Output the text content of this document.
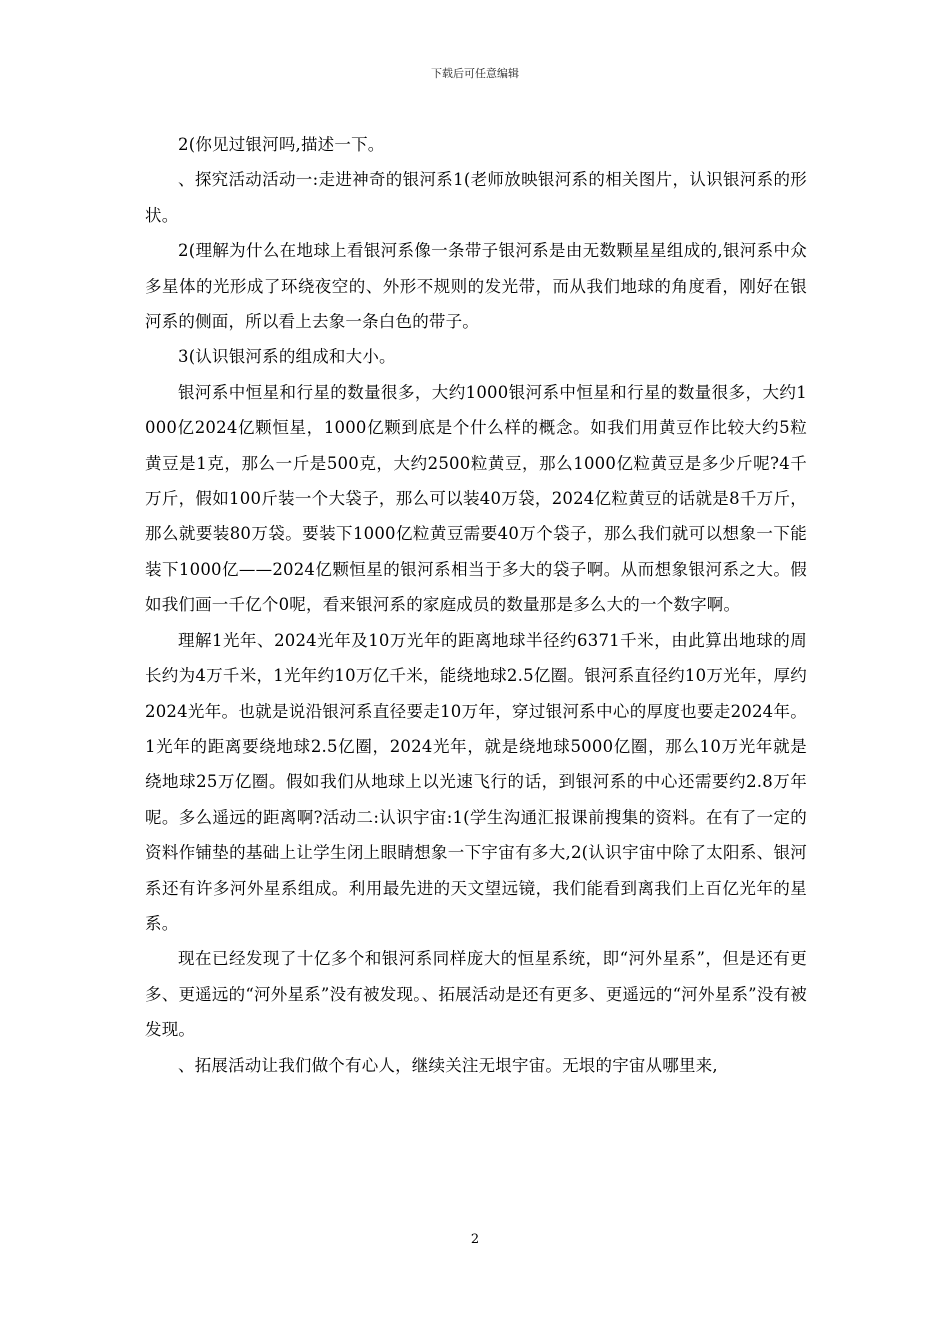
下载后可任意编辑

2(你见过银河吗,描述一下。

、探究活动活动一:走进神奇的银河系1(老师放映银河系的相关图片，认识银河系的形状。

2(理解为什么在地球上看银河系像一条带子银河系是由无数颗星星组成的,银河系中众多星体的光形成了环绕夜空的、外形不规则的发光带，而从我们地球的角度看，刚好在银河系的侧面，所以看上去象一条白色的带子。

3(认识银河系的组成和大小。

银河系中恒星和行星的数量很多，大约1000银河系中恒星和行星的数量很多，大约1000亿2024亿颗恒星，1000亿颗到底是个什么样的概念。如我们用黄豆作比较大约5粒黄豆是1克，那么一斤是500克，大约2500粒黄豆，那么1000亿粒黄豆是多少斤呢?4千万斤，假如100斤装一个大袋子，那么可以装40万袋，2024亿粒黄豆的话就是8千万斤，那么就要装80万袋。要装下1000亿粒黄豆需要40万个袋子，那么我们就可以想象一下能装下1000亿——2024亿颗恒星的银河系相当于多大的袋子啊。从而想象银河系之大。假如我们画一千亿个0呢，看来银河系的家庭成员的数量那是多么大的一个数字啊。

理解1光年、2024光年及10万光年的距离地球半径约6371千米，由此算出地球的周长约为4万千米，1光年约10万亿千米，能绕地球2.5亿圈。银河系直径约10万光年，厚约2024光年。也就是说沿银河系直径要走10万年，穿过银河系中心的厚度也要走2024年。1光年的距离要绕地球2.5亿圈，2024光年，就是绕地球5000亿圈，那么10万光年就是绕地球25万亿圈。假如我们从地球上以光速飞行的话，到银河系的中心还需要约2.8万年呢。多么遥远的距离啊?活动二:认识宇宙:1(学生沟通汇报课前搜集的资料。在有了一定的资料作铺垫的基础上让学生闭上眼睛想象一下宇宙有多大,2(认识宇宙中除了太阳系、银河系还有许多河外星系组成。利用最先进的天文望远镜，我们能看到离我们上百亿光年的星系。

现在已经发现了十亿多个和银河系同样庞大的恒星系统，即“河外星系”，但是还有更多、更遥远的“河外星系”没有被发现。、拓展活动是还有更多、更遥远的“河外星系”没有被发现。

、拓展活动让我们做个有心人，继续关注无垠宇宙。无垠的宇宙从哪里来,

2
